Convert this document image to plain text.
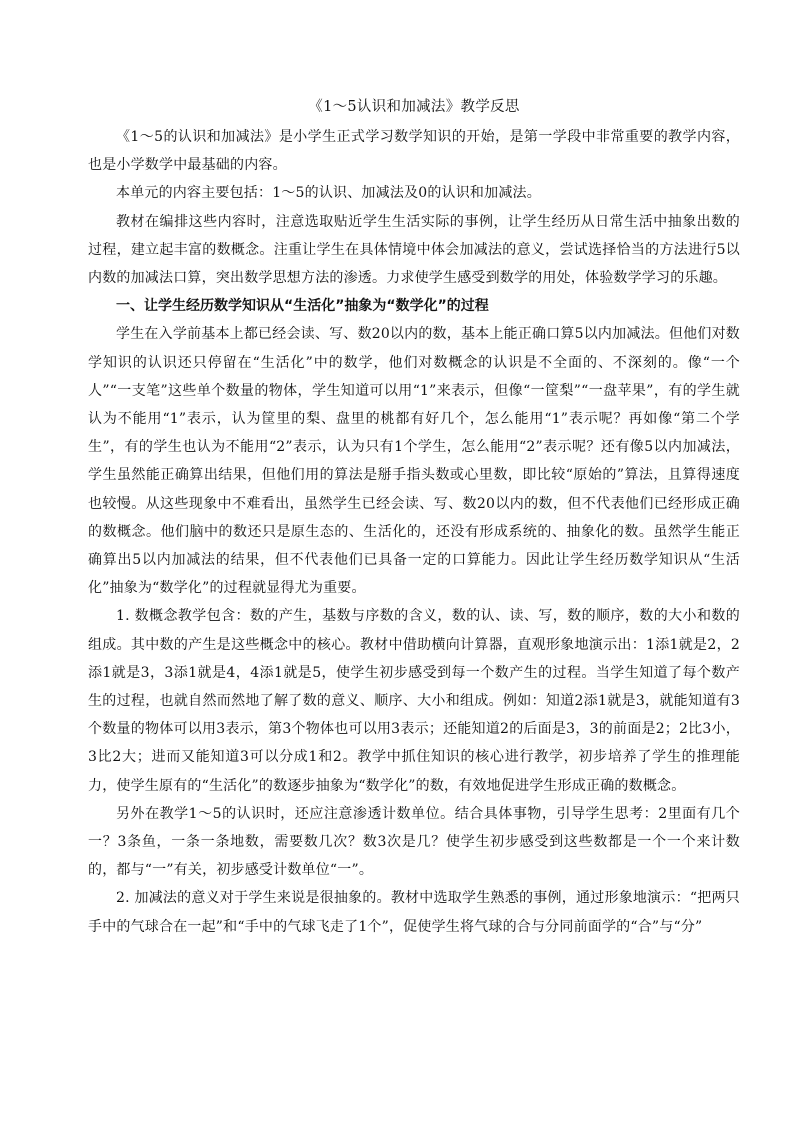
《1～5认识和加减法》教学反思

《1～5的认识和加减法》是小学生正式学习数学知识的开始，是第一学段中非常重要的教学内容，也是小学数学中最基础的内容。

本单元的内容主要包括：1～5的认识、加减法及0的认识和加减法。

教材在编排这些内容时，注意选取贴近学生生活实际的事例，让学生经历从日常生活中抽象出数的过程，建立起丰富的数概念。注重让学生在具体情境中体会加减法的意义，尝试选择恰当的方法进行5以内数的加减法口算，突出数学思想方法的渗透。力求使学生感受到数学的用处，体验数学学习的乐趣。

一、让学生经历数学知识从“生活化”抽象为“数学化”的过程

学生在入学前基本上都已经会读、写、数20以内的数，基本上能正确口算5以内加减法。但他们对数学知识的认识还只停留在“生活化”中的数学，他们对数概念的认识是不全面的、不深刻的。像“一个人”“一支笔”这些单个数量的物体，学生知道可以用“1”来表示，但像“一筐梨”“一盘苹果”，有的学生就认为不能用“1”表示，认为筐里的梨、盘里的桃都有好几个，怎么能用“1”表示呢？再如像“第二个学生”，有的学生也认为不能用“2”表示，认为只有1个学生，怎么能用“2”表示呢？还有像5以内加减法，学生虽然能正确算出结果，但他们用的算法是掰手指头数或心里数，即比较“原始的”算法，且算得速度也较慢。从这些现象中不难看出，虽然学生已经会读、写、数20以内的数，但不代表他们已经形成正确的数概念。他们脑中的数还只是原生态的、生活化的，还没有形成系统的、抽象化的数。虽然学生能正确算出5以内加减法的结果，但不代表他们已具备一定的口算能力。因此让学生经历数学知识从“生活化”抽象为“数学化”的过程就显得尤为重要。

1. 数概念教学包含：数的产生，基数与序数的含义，数的认、读、写，数的顺序，数的大小和数的组成。其中数的产生是这些概念中的核心。教材中借助横向计算器，直观形象地演示出：1添1就是2，2添1就是3，3添1就是4，4添1就是5，使学生初步感受到每一个数产生的过程。当学生知道了每个数产生的过程，也就自然而然地了解了数的意义、顺序、大小和组成。例如：知道2添1就是3，就能知道有3个数量的物体可以用3表示，第3个物体也可以用3表示；还能知道2的后面是3，3的前面是2；2比3小，3比2大；进而又能知道3可以分成1和2。教学中抓住知识的核心进行教学，初步培养了学生的推理能力，使学生原有的“生活化”的数逐步抽象为“数学化”的数，有效地促进学生形成正确的数概念。

另外在教学1～5的认识时，还应注意渗透计数单位。结合具体事物，引导学生思考：2里面有几个一？3条鱼，一条一条地数，需要数几次？数3次是几？使学生初步感受到这些数都是一个一个来计数的，都与“一”有关，初步感受计数单位“一”。

2. 加减法的意义对于学生来说是很抽象的。教材中选取学生熟悉的事例，通过形象地演示：“把两只手中的气球合在一起”和“手中的气球飞走了1个”，促使学生将气球的合与分同前面学的“合”与“分”
